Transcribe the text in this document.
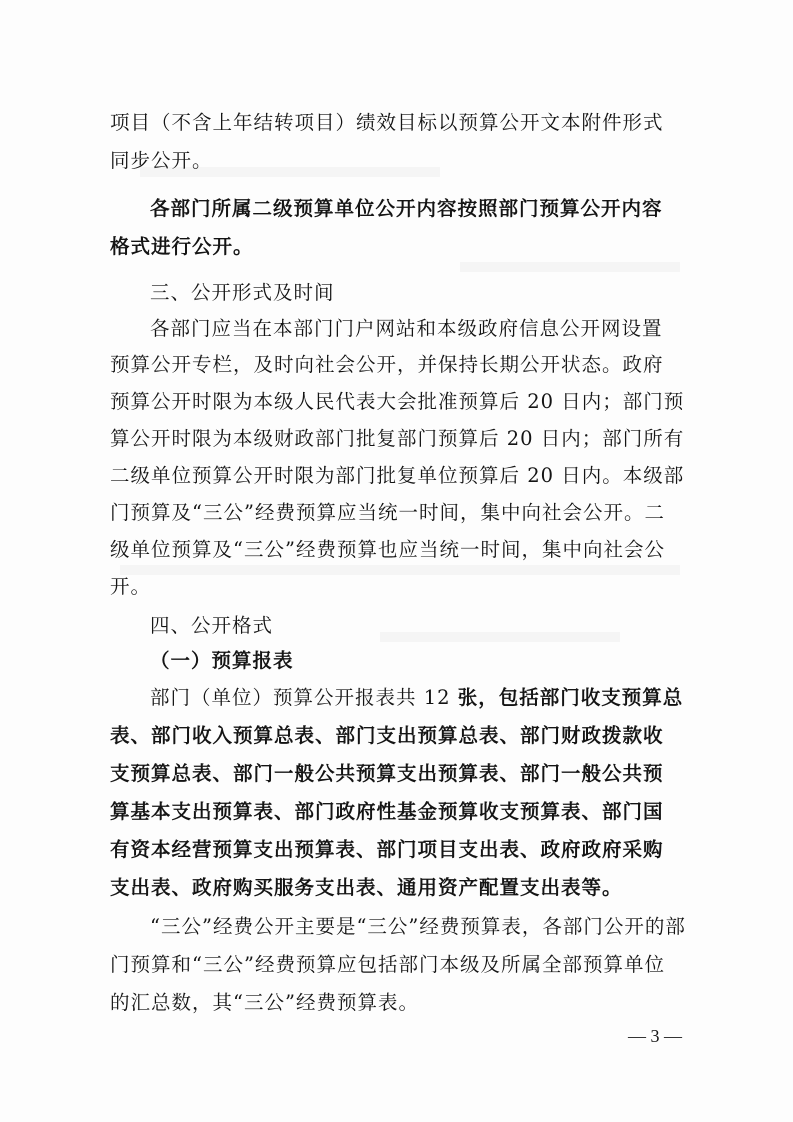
项目（不含上年结转项目）绩效目标以预算公开文本附件形式
同步公开。
各部门所属二级预算单位公开内容按照部门预算公开内容
格式进行公开。
三、公开形式及时间
各部门应当在本部门门户网站和本级政府信息公开网设置
预算公开专栏，及时向社会公开，并保持长期公开状态。政府
预算公开时限为本级人民代表大会批准预算后 20 日内；部门预
算公开时限为本级财政部门批复部门预算后 20 日内；部门所有
二级单位预算公开时限为部门批复单位预算后 20 日内。本级部
门预算及“三公”经费预算应当统一时间，集中向社会公开。二
级单位预算及“三公”经费预算也应当统一时间，集中向社会公
开。
四、公开格式
（一）预算报表
部门（单位）预算公开报表共 12 张，包括部门收支预算总
表、部门收入预算总表、部门支出预算总表、部门财政拨款收
支预算总表、部门一般公共预算支出预算表、部门一般公共预
算基本支出预算表、部门政府性基金预算收支预算表、部门国
有资本经营预算支出预算表、部门项目支出表、政府政府采购
支出表、政府购买服务支出表、通用资产配置支出表等。
“三公”经费公开主要是“三公”经费预算表，各部门公开的部
门预算和“三公”经费预算应包括部门本级及所属全部预算单位
的汇总数，其“三公”经费预算表。
— 3 —
